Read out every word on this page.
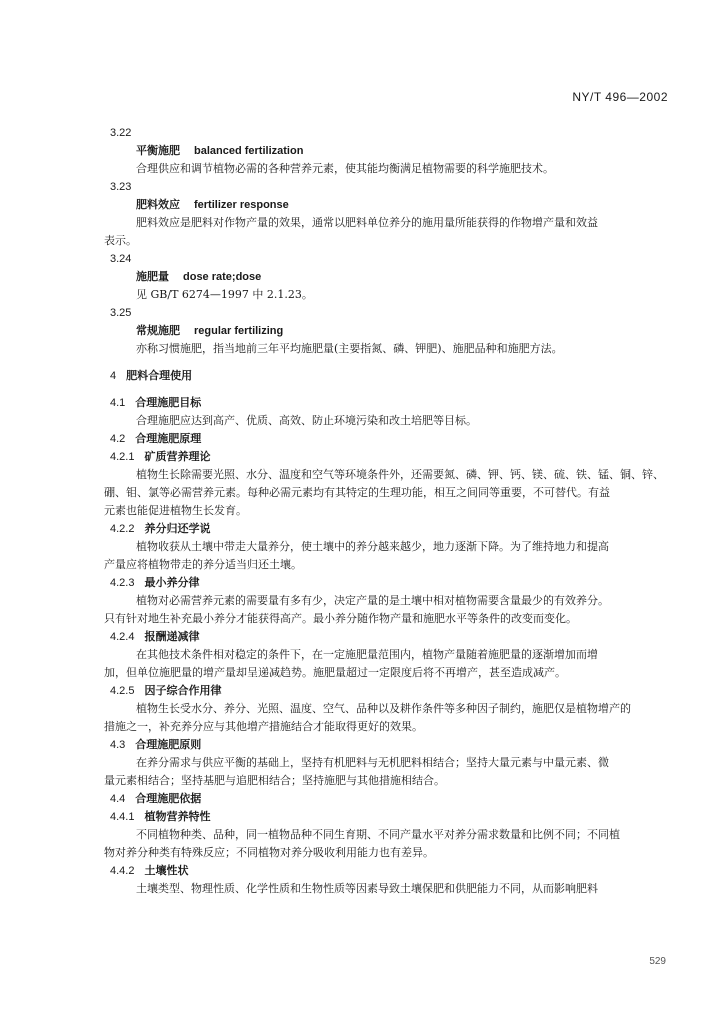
NY/T 496—2002
3.22
平衡施肥 balanced fertilization
合理供应和调节植物必需的各种营养元素，使其能均衡满足植物需要的科学施肥技术。
3.23
肥料效应 fertilizer response
肥料效应是肥料对作物产量的效果，通常以肥料单位养分的施用量所能获得的作物增产量和效益
表示。
3.24
施肥量 dose rate;dose
见 GB/T 6274—1997 中 2.1.23。
3.25
常规施肥 regular fertilizing
亦称习惯施肥，指当地前三年平均施肥量(主要指氮、磷、钾肥)、施肥品种和施肥方法。
4 肥料合理使用
4.1 合理施肥目标
合理施肥应达到高产、优质、高效、防止环境污染和改土培肥等目标。
4.2 合理施肥原理
4.2.1 矿质营养理论
植物生长除需要光照、水分、温度和空气等环境条件外，还需要氮、磷、钾、钙、镁、硫、铁、锰、铜、锌、
硼、钼、氯等必需营养元素。每种必需元素均有其特定的生理功能，相互之间同等重要，不可替代。有益
元素也能促进植物生长发育。
4.2.2 养分归还学说
植物收获从土壤中带走大量养分，使土壤中的养分越来越少，地力逐渐下降。为了维持地力和提高
产量应将植物带走的养分适当归还土壤。
4.2.3 最小养分律
植物对必需营养元素的需要量有多有少，决定产量的是土壤中相对植物需要含量最少的有效养分。
只有针对地生补充最小养分才能获得高产。最小养分随作物产量和施肥水平等条件的改变而变化。
4.2.4 报酬递减律
在其他技术条件相对稳定的条件下，在一定施肥量范围内，植物产量随着施肥量的逐渐增加而增
加，但单位施肥量的增产量却呈递减趋势。施肥量超过一定限度后将不再增产，甚至造成减产。
4.2.5 因子综合作用律
植物生长受水分、养分、光照、温度、空气、品种以及耕作条件等多种因子制约，施肥仅是植物增产的
措施之一，补充养分应与其他增产措施结合才能取得更好的效果。
4.3 合理施肥原则
在养分需求与供应平衡的基础上，坚持有机肥料与无机肥料相结合；坚持大量元素与中量元素、微
量元素相结合；坚持基肥与追肥相结合；坚持施肥与其他措施相结合。
4.4 合理施肥依据
4.4.1 植物营养特性
不同植物种类、品种，同一植物品种不同生育期、不同产量水平对养分需求数量和比例不同；不同植
物对养分种类有特殊反应；不同植物对养分吸收利用能力也有差异。
4.4.2 土壤性状
土壤类型、物理性质、化学性质和生物性质等因素导致土壤保肥和供肥能力不同，从而影响肥料
529
